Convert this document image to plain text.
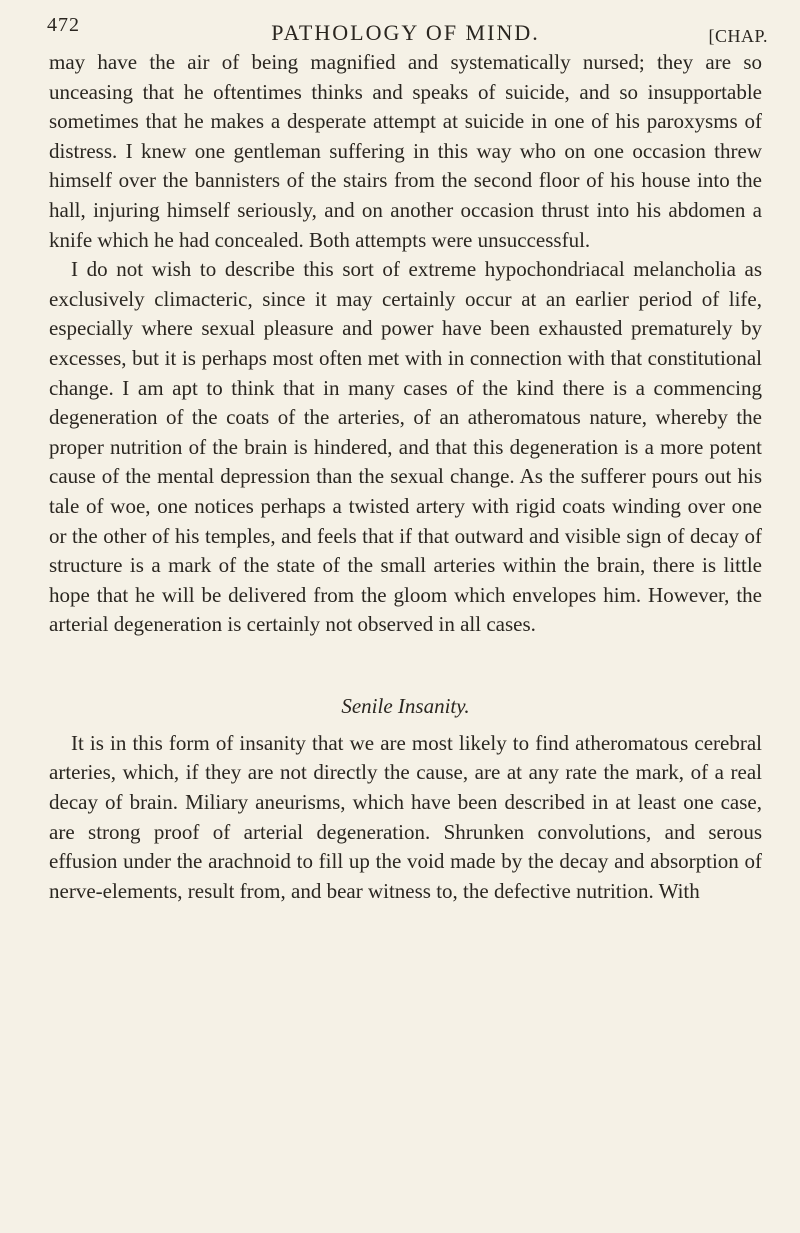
472	PATHOLOGY OF MIND.	[CHAP.

may have the air of being magnified and systematically nursed; they are so unceasing that he oftentimes thinks and speaks of suicide, and so insupportable sometimes that he makes a desperate attempt at suicide in one of his paroxysms of distress. I knew one gentleman suffering in this way who on one occasion threw himself over the bannisters of the stairs from the second floor of his house into the hall, injuring himself seriously, and on another occasion thrust into his abdomen a knife which he had concealed. Both attempts were unsuccessful.

I do not wish to describe this sort of extreme hypochondriacal melancholia as exclusively climacteric, since it may certainly occur at an earlier period of life, especially where sexual pleasure and power have been exhausted prematurely by excesses, but it is perhaps most often met with in connection with that constitutional change. I am apt to think that in many cases of the kind there is a commencing degeneration of the coats of the arteries, of an atheromatous nature, whereby the proper nutrition of the brain is hindered, and that this degeneration is a more potent cause of the mental depression than the sexual change. As the sufferer pours out his tale of woe, one notices perhaps a twisted artery with rigid coats winding over one or the other of his temples, and feels that if that outward and visible sign of decay of structure is a mark of the state of the small arteries within the brain, there is little hope that he will be delivered from the gloom which envelopes him. However, the arterial degeneration is certainly not observed in all cases.

Senile Insanity.

It is in this form of insanity that we are most likely to find atheromatous cerebral arteries, which, if they are not directly the cause, are at any rate the mark, of a real decay of brain. Miliary aneurisms, which have been described in at least one case, are strong proof of arterial degeneration. Shrunken convolutions, and serous effusion under the arachnoid to fill up the void made by the decay and absorption of nerve-elements, result from, and bear witness to, the defective nutrition. With
